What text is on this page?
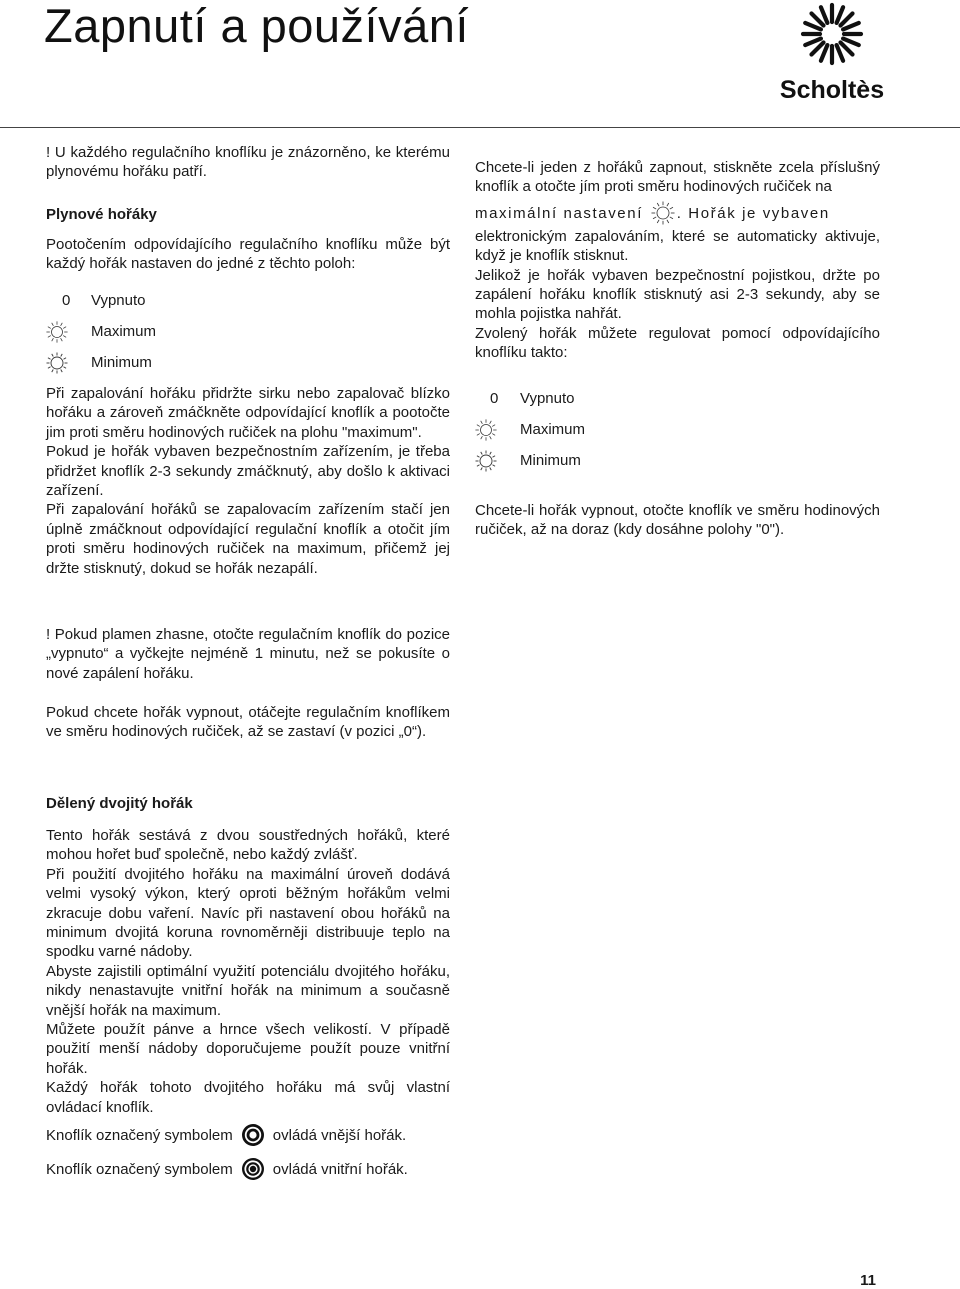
Zapnutí a používání
Scholtès

! U každého regulačního knoflíku je znázorněno, ke kterému plynovému hořáku patří.

Plynové hořáky

Pootočením odpovídajícího regulačního knoflíku může být každý hořák nastaven do jedné z těchto poloh:

0 Vypnuto
Maximum
Minimum

Při zapalování hořáku přidržte sirku nebo zapalovač blízko hořáku a zároveň zmáčkněte odpovídající knoflík a pootočte jim proti směru hodinových ručiček na plohu "maximum".

Pokud je hořák vybaven bezpečnostním zařízením, je třeba přidržet knoflík 2-3 sekundy zmáčknutý, aby došlo k aktivaci zařízení.

Při zapalování hořáků se zapalovacím zařízením stačí jen úplně zmáčknout odpovídající regulační knoflík a otočit jím proti směru hodinových ručiček na maximum, přičemž jej držte stisknutý, dokud se hořák nezapálí.

! Pokud plamen zhasne, otočte regulačním knoflík do pozice „vypnuto“ a vyčkejte nejméně 1 minutu, než se pokusíte o nové zapálení hořáku.

Pokud chcete hořák vypnout, otáčejte regulačním knoflíkem ve směru hodinových ručiček, až se zastaví (v pozici „0“).

Dělený dvojitý hořák

Tento hořák sestává z dvou soustředných hořáků, které mohou hořet buď společně, nebo každý zvlášť.

Při použití dvojitého hořáku na maximální úroveň dodává velmi vysoký výkon, který oproti běžným hořákům velmi zkracuje dobu vaření. Navíc při nastavení obou hořáků na minimum dvojitá koruna rovnoměrněji distribuuje teplo na spodku varné nádoby.

Abyste zajistili optimální využití potenciálu dvojitého hořáku, nikdy nenastavujte vnitřní hořák na minimum a současně vnější hořák na maximum.

Můžete použít pánve a hrnce všech velikostí. V případě použití menší nádoby doporučujeme použít pouze vnitřní hořák.

Každý hořák tohoto dvojitého hořáku má svůj vlastní ovládací knoflík.

Knoflík označený symbolem	ovládá vnější hořák.
Knoflík označený symbolem	ovládá vnitřní hořák.

Chcete-li jeden z hořáků zapnout, stiskněte zcela příslušný knoflík a otočte jím proti směru hodinových ručiček na

maximální nastavení . Hořák je vybaven

elektronickým zapalováním, které se automaticky aktivuje, když je knoflík stisknut.

Jelikož je hořák vybaven bezpečnostní pojistkou, držte po zapálení hořáku knoflík stisknutý asi 2-3 sekundy, aby se mohla pojistka nahřát.

Zvolený hořák můžete regulovat pomocí odpovídajícího knoflíku takto:

0 Vypnuto
Maximum
Minimum

Chcete-li hořák vypnout, otočte knoflík ve směru hodinových ručiček, až na doraz (kdy dosáhne polohy "0").

11
